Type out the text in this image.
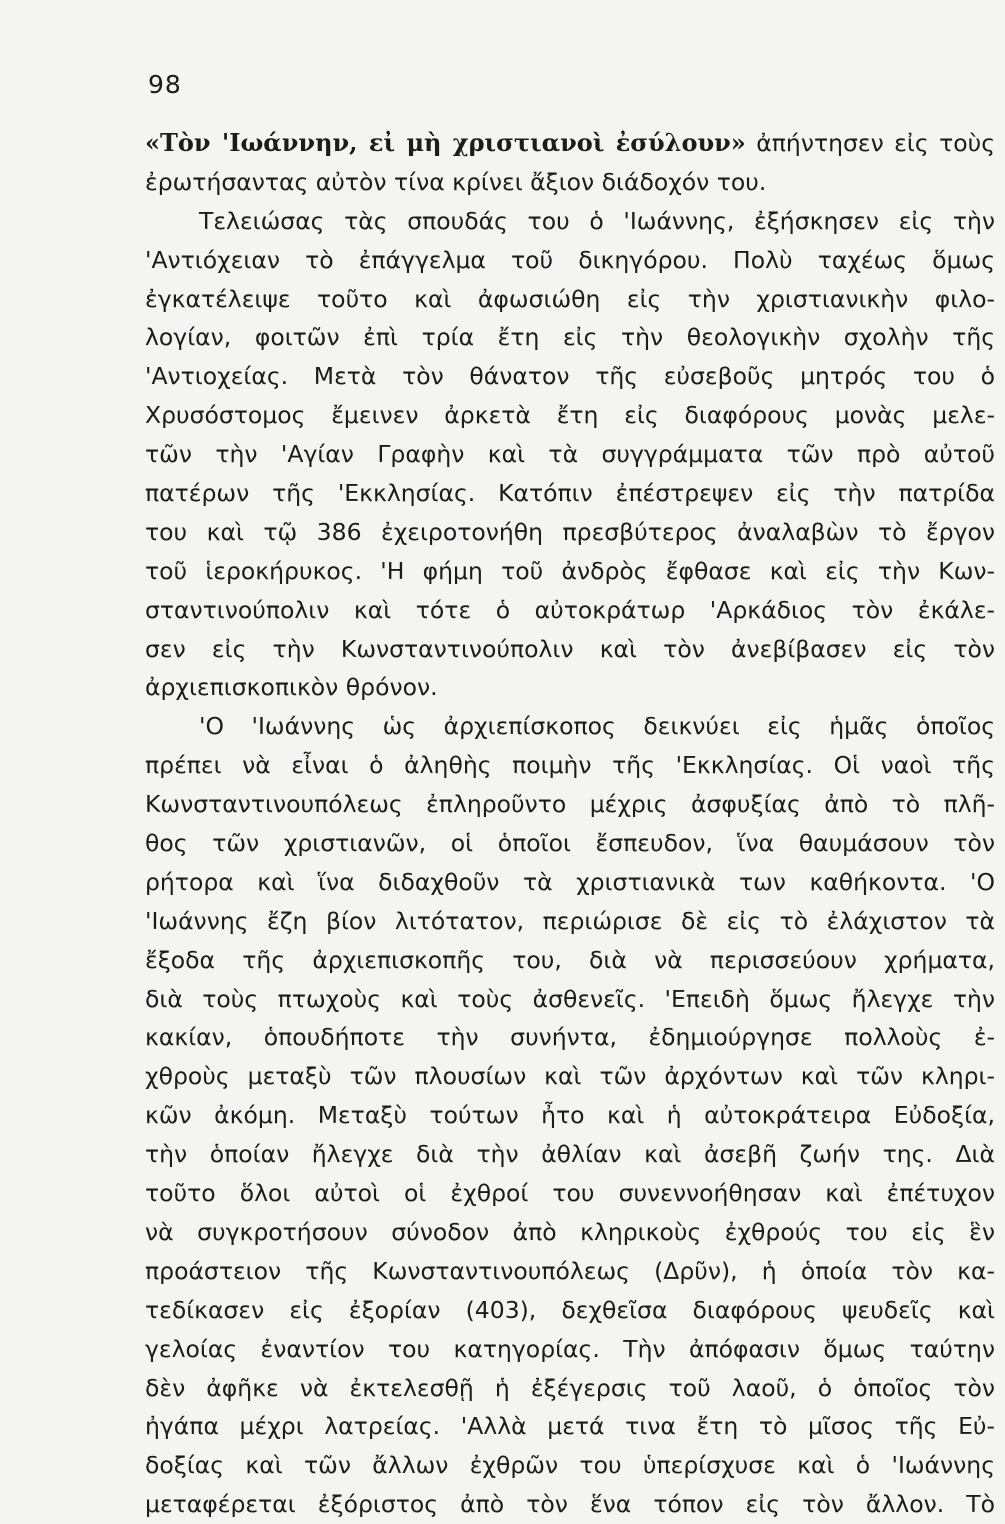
98
«Τὸν 'Ιωάννην, εἰ μὴ χριστιανοὶ ἐσύλουν» ἀπήντησεν εἰς τοὺς
ἐρωτήσαντας αὐτὸν τίνα κρίνει ἄξιον διάδοχόν του.
Τελειώσας τὰς σπουδάς του ὁ 'Ιωάννης, ἐξήσκησεν εἰς τὴν
'Αντιόχειαν τὸ ἐπάγγελμα τοῦ δικηγόρου. Πολὺ ταχέως ὅμως
ἐγκατέλειψε τοῦτο καὶ ἀφωσιώθη εἰς τὴν χριστιανικὴν φιλο-
λογίαν, φοιτῶν ἐπὶ τρία ἔτη εἰς τὴν θεολογικὴν σχολὴν τῆς
'Αντιοχείας. Μετὰ τὸν θάνατον τῆς εὐσεβοῦς μητρός του ὁ
Χρυσόστομος ἔμεινεν ἀρκετὰ ἔτη εἰς διαφόρους μονὰς μελε-
τῶν τὴν 'Αγίαν Γραφὴν καὶ τὰ συγγράμματα τῶν πρὸ αὐτοῦ
πατέρων τῆς 'Εκκλησίας. Κατόπιν ἐπέστρεψεν εἰς τὴν πατρίδα
του καὶ τῷ 386 ἐχειροτονήθη πρεσβύτερος ἀναλαβὼν τὸ ἔργον
τοῦ ἱεροκήρυκος. 'Η φήμη τοῦ ἀνδρὸς ἔφθασε καὶ εἰς τὴν Κων-
σταντινούπολιν καὶ τότε ὁ αὐτοκράτωρ 'Αρκάδιος τὸν ἐκάλε-
σεν εἰς τὴν Κωνσταντινούπολιν καὶ τὸν ἀνεβίβασεν εἰς τὸν
ἀρχιεπισκοπικὸν θρόνον.
'Ο 'Ιωάννης ὡς ἀρχιεπίσκοπος δεικνύει εἰς ἡμᾶς ὁποῖος
πρέπει νὰ εἶναι ὁ ἀληθὴς ποιμὴν τῆς 'Εκκλησίας. Οἱ ναοὶ τῆς
Κωνσταντινουπόλεως ἐπληροῦντο μέχρις ἀσφυξίας ἀπὸ τὸ πλῆ-
θος τῶν χριστιανῶν, οἱ ὁποῖοι ἔσπευδον, ἵνα θαυμάσουν τὸν
ρήτορα καὶ ἵνα διδαχθοῦν τὰ χριστιανικὰ των καθήκοντα. 'Ο
'Ιωάννης ἔζη βίον λιτότατον, περιώρισε δὲ εἰς τὸ ἐλάχιστον τὰ
ἔξοδα τῆς ἀρχιεπισκοπῆς του, διὰ νὰ περισσεύουν χρήματα,
διὰ τοὺς πτωχοὺς καὶ τοὺς ἀσθενεῖς. 'Επειδὴ ὅμως ἤλεγχε τὴν
κακίαν, ὁπουδήποτε τὴν συνήντα, ἐδημιούργησε πολλοὺς ἐ-
χθροὺς μεταξὺ τῶν πλουσίων καὶ τῶν ἀρχόντων καὶ τῶν κληρι-
κῶν ἀκόμη. Μεταξὺ τούτων ἦτο καὶ ἡ αὐτοκράτειρα Εὐδοξία,
τὴν ὁποίαν ἤλεγχε διὰ τὴν ἀθλίαν καὶ ἀσεβῆ ζωήν της. Διὰ
τοῦτο ὅλοι αὐτοὶ οἱ ἐχθροί του συνεννοήθησαν καὶ ἐπέτυχον
νὰ συγκροτήσουν σύνοδον ἀπὸ κληρικοὺς ἐχθρούς του εἰς ἓν
προάστειον τῆς Κωνσταντινουπόλεως (Δρῦν), ἡ ὁποία τὸν κα-
τεδίκασεν εἰς ἐξορίαν (403), δεχθεῖσα διαφόρους ψευδεῖς καὶ
γελοίας ἐναντίον του κατηγορίας. Τὴν ἀπόφασιν ὅμως ταύτην
δὲν ἀφῆκε νὰ ἐκτελεσθῇ ἡ ἐξέγερσις τοῦ λαοῦ, ὁ ὁποῖος τὸν
ἠγάπα μέχρι λατρείας. 'Αλλὰ μετά τινα ἔτη τὸ μῖσος τῆς Εὐ-
δοξίας καὶ τῶν ἄλλων ἐχθρῶν του ὑπερίσχυσε καὶ ὁ 'Ιωάννης
μεταφέρεται ἐξόριστος ἀπὸ τὸν ἕνα τόπον εἰς τὸν ἄλλον. Τὸ
